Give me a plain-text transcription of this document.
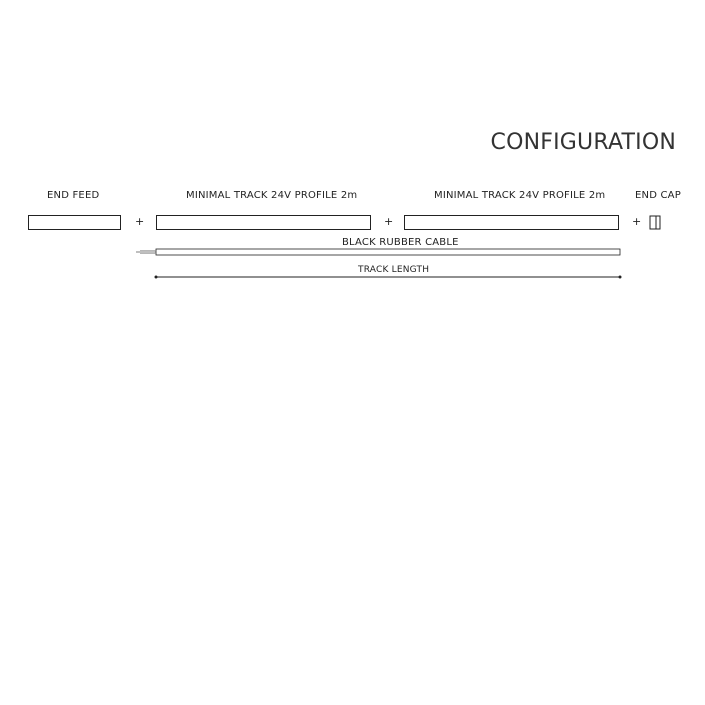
CONFIGURATION
END FEED	MINIMAL TRACK 24V PROFILE 2m	MINIMAL TRACK 24V PROFILE 2m	END CAP
+	+	+
BLACK RUBBER CABLE
TRACK LENGTH
